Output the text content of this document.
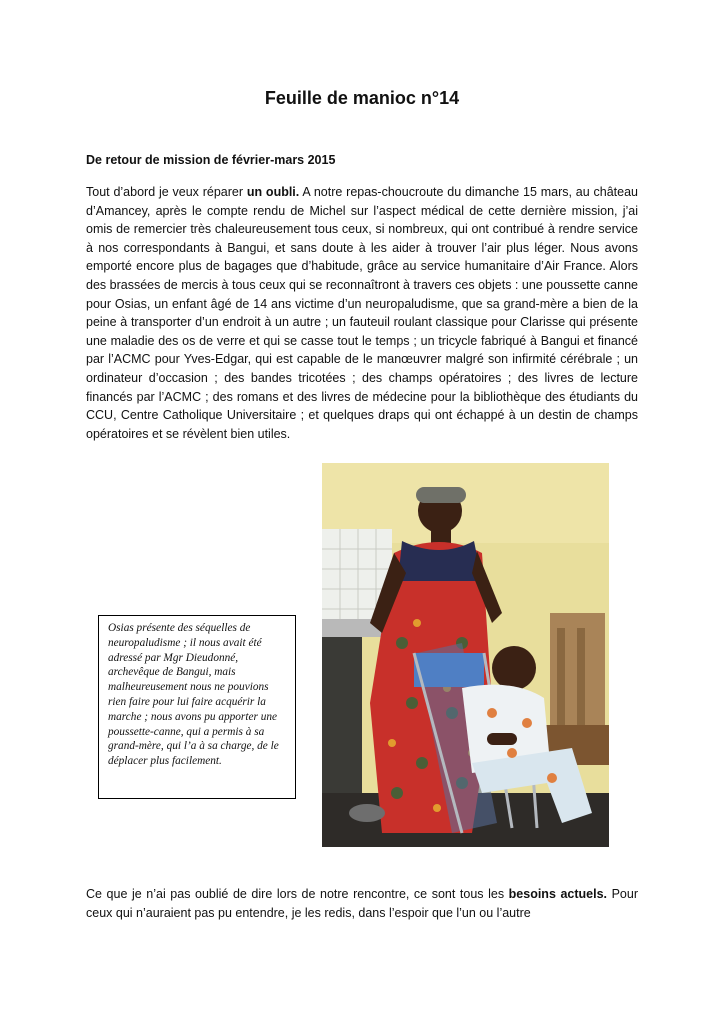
Feuille de manioc n°14
De retour de mission de février-mars 2015

Tout d’abord je veux réparer un oubli. A notre repas-choucroute du dimanche 15 mars, au château d’Amancey, après le compte rendu de Michel sur l’aspect médical de cette dernière mission, j’ai omis de remercier très chaleureusement tous ceux, si nombreux, qui ont contribué à rendre service à nos correspondants à Bangui, et sans doute à les aider à trouver l’air plus léger. Nous avons emporté encore plus de bagages que d’habitude, grâce au service humanitaire d’Air France. Alors des brassées de mercis à tous ceux qui se reconnaîtront à travers ces objets : une poussette canne pour Osias, un enfant âgé de 14 ans victime d’un neuropaludisme, que sa grand-mère a bien de la peine à transporter d’un endroit à un autre ; un fauteuil roulant classique pour Clarisse qui présente une maladie des os de verre et qui se casse tout le temps ; un tricycle fabriqué à Bangui et financé par l’ACMC pour Yves-Edgar, qui est capable de le manœuvrer malgré son infirmité cérébrale ; un ordinateur d’occasion ; des bandes tricotées ; des champs opératoires ; des livres de lecture financés par l’ACMC ; des romans et des livres de médecine pour la bibliothèque des étudiants du CCU, Centre Catholique Universitaire ; et quelques draps qui ont échappé à un destin de champs opératoires et se révèlent bien utiles.

Osias présente des séquelles de neuropaludisme ; il nous avait été adressé par Mgr Dieudonné, archevêque de Bangui, mais malheureusement nous ne pouvions rien faire pour lui faire acquérir la marche ; nous avons pu apporter une poussette-canne, qui a permis à sa grand-mère, qui l’a à sa charge, de le déplacer plus facilement.

Ce que je n’ai pas oublié de dire lors de notre rencontre, ce sont tous les besoins actuels. Pour ceux qui n’auraient pas pu entendre, je les redis, dans l’espoir que l’un ou l’autre
